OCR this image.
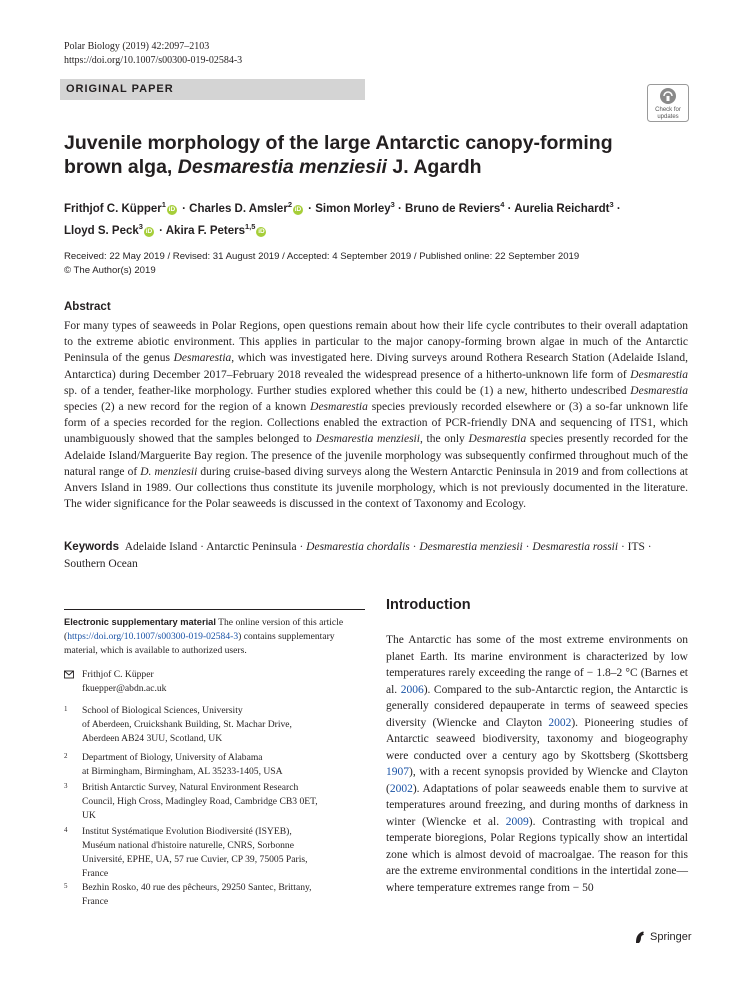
Polar Biology (2019) 42:2097–2103
https://doi.org/10.1007/s00300-019-02584-3
ORIGINAL PAPER
Check for
updates
Juvenile morphology of the large Antarctic canopy-forming brown alga, Desmarestia menziesii J. Agardh
Frithjof C. Küpper$^1$iD · Charles D. Amsler$^2$iD · Simon Morley$^3$ · Bruno de Reviers$^4$ · Aurelia Reichardt$^3$ ·
Lloyd S. Peck$^3$iD · Akira F. Peters$^{1,5}$iD
Received: 22 May 2019 / Revised: 31 August 2019 / Accepted: 4 September 2019 / Published online: 22 September 2019
© The Author(s) 2019
Abstract
For many types of seaweeds in Polar Regions, open questions remain about how their life cycle contributes to their overall adaptation to the extreme abiotic environment. This applies in particular to the major canopy-forming brown algae in much of the Antarctic Peninsula of the genus Desmarestia, which was investigated here. Diving surveys around Rothera Research Station (Adelaide Island, Antarctica) during December 2017–February 2018 revealed the widespread presence of a hitherto-unknown life form of Desmarestia sp. of a tender, feather-like morphology. Further studies explored whether this could be (1) a new, hitherto undescribed Desmarestia species (2) a new record for the region of a known Desmarestia species previously recorded elsewhere or (3) a so-far unknown life form of a species recorded for the region. Collections enabled the extraction of PCR-friendly DNA and sequencing of ITS1, which unambiguously showed that the samples belonged to Desmarestia menziesii, the only Desmarestia species presently recorded for the Adelaide Island/Marguerite Bay region. The presence of the juvenile morphology was subsequently confirmed throughout much of the natural range of D. menziesii during cruise-based diving surveys along the Western Antarctic Peninsula in 2019 and from collections at Anvers Island in 1989. Our collections thus constitute its juvenile morphology, which is not previously documented in the literature. The wider significance for the Polar seaweeds is discussed in the context of Taxonomy and Ecology.
Keywords Adelaide Island · Antarctic Peninsula · Desmarestia chordalis · Desmarestia menziesii · Desmarestia rossii · ITS · Southern Ocean
Electronic supplementary material The online version of this article (https://doi.org/10.1007/s00300-019-02584-3) contains supplementary material, which is available to authorized users.
Frithjof C. Küpper
fkuepper@abdn.ac.uk
1 School of Biological Sciences, University
of Aberdeen, Cruickshank Building, St. Machar Drive,
Aberdeen AB24 3UU, Scotland, UK
2 Department of Biology, University of Alabama
at Birmingham, Birmingham, AL 35233-1405, USA
3 British Antarctic Survey, Natural Environment Research
Council, High Cross, Madingley Road, Cambridge CB3 0ET,
UK
4 Institut Systématique Evolution Biodiversité (ISYEB),
Muséum national d'histoire naturelle, CNRS, Sorbonne
Université, EPHE, UA, 57 rue Cuvier, CP 39, 75005 Paris,
France
5 Bezhin Rosko, 40 rue des pêcheurs, 29250 Santec, Brittany,
France
Introduction
The Antarctic has some of the most extreme environments on planet Earth. Its marine environment is characterized by low temperatures rarely exceeding the range of − 1.8–2 °C (Barnes et al. 2006). Compared to the sub-Antarctic region, the Antarctic is generally considered depauperate in terms of seaweed species diversity (Wiencke and Clayton 2002). Pioneering studies of Antarctic seaweed biodiversity, taxonomy and biogeography were conducted over a century ago by Skottsberg (Skottsberg 1907), with a recent synopsis provided by Wiencke and Clayton (2002). Adaptations of polar seaweeds enable them to survive at temperatures around freezing, and during months of darkness in winter (Wiencke et al. 2009). Contrasting with tropical and temperate bioregions, Polar Regions typically show an intertidal zone which is almost devoid of macroalgae. The reason for this are the extreme environmental conditions in the intertidal zone—where temperature extremes range from − 50
Springer
